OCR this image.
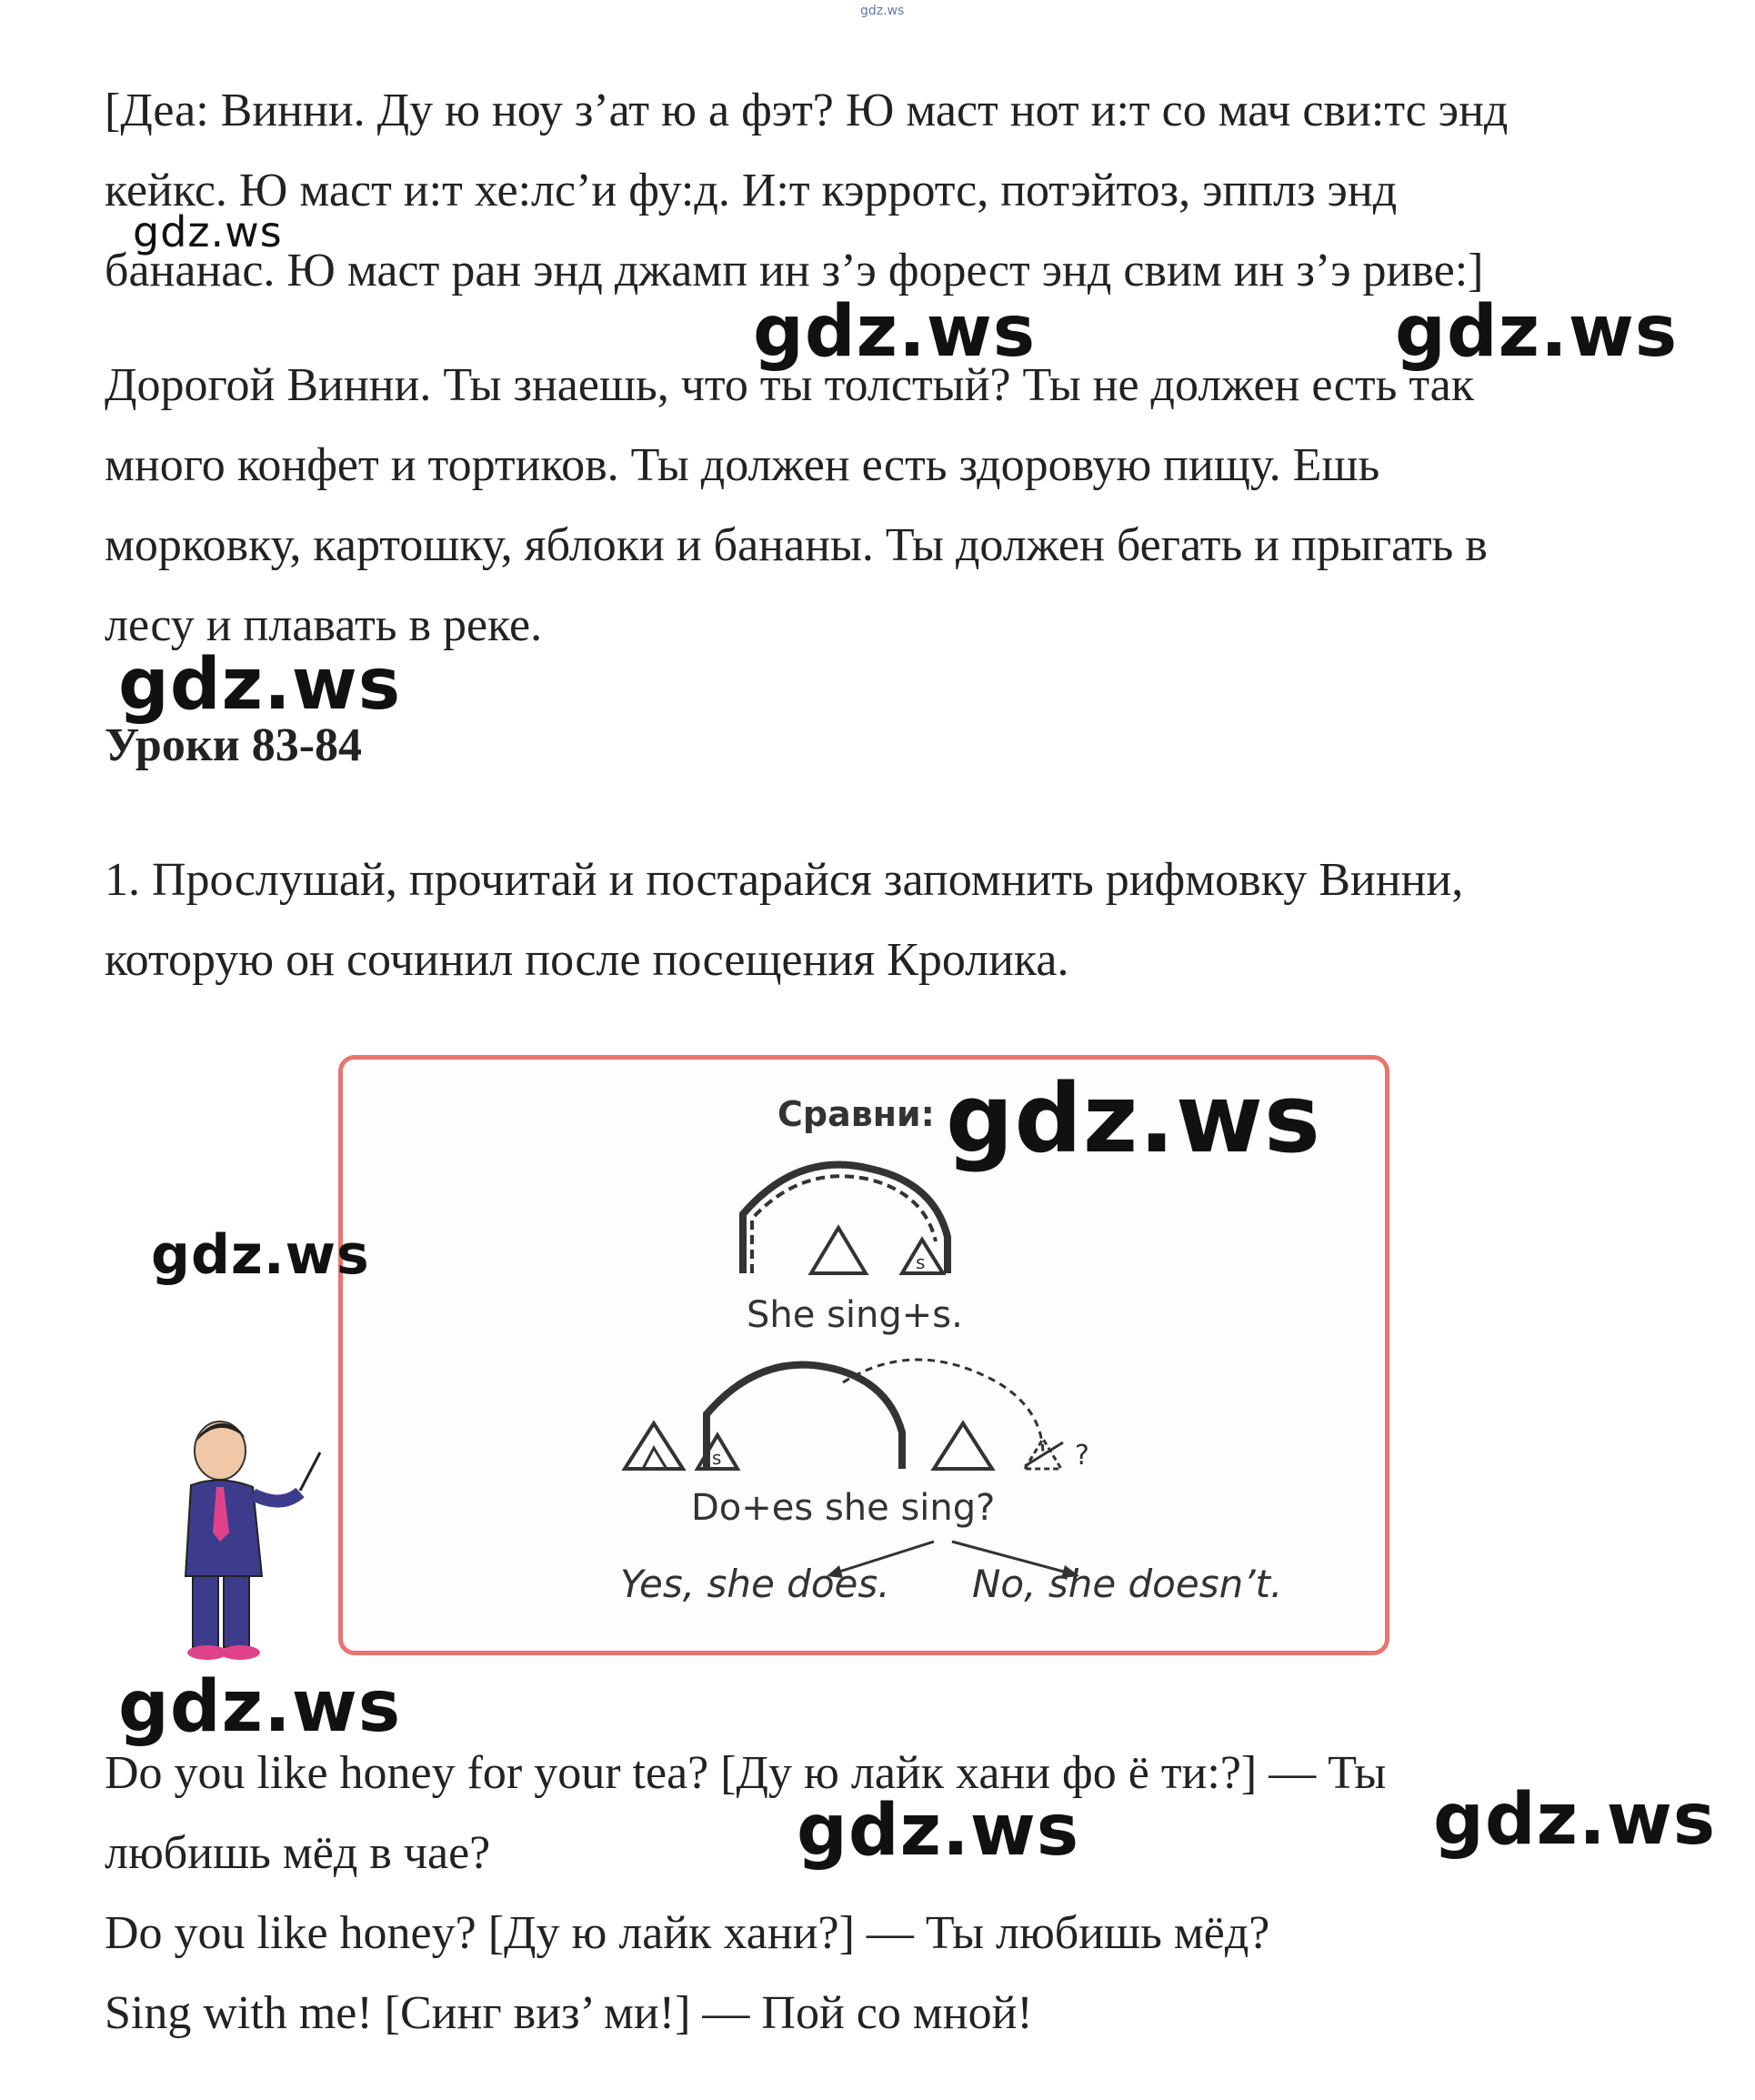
gdz.ws
[Деа: Винни. Ду ю ноу з’ат ю а фэт? Ю маст нот и:т со мач сви:тс энд
кейкс. Ю маст и:т хе:лс’и фу:д. И:т кэрротс, потэйтоз, эпплз энд
бананас. Ю маст ран энд джамп ин з’э форест энд свим ин з’э риве:]
Дорогой Винни. Ты знаешь, что ты толстый? Ты не должен есть так
много конфет и тортиков. Ты должен есть здоровую пищу. Ешь
морковку, картошку, яблоки и бананы. Ты должен бегать и прыгать в
лесу и плавать в реке.
Уроки 83-84
1. Прослушай, прочитай и постарайся запомнить рифмовку Винни,
которую он сочинил после посещения Кролика.
Сравни:
s
She sing+s.
s	?
Do+es she sing?
Yes, she does. No, she doesn’t.
Do you like honey for your tea? [Ду ю лайк хани фо ё ти:?] — Ты
любишь мёд в чае?
Do you like honey? [Ду ю лайк хани?] — Ты любишь мёд?
Sing with me! [Синг виз’ ми!] — Пой со мной!
gdz.ws
gdz.ws	gdz.ws
gdz.ws
gdz.ws
gdz.ws
gdz.ws
gdz.ws	gdz.ws
